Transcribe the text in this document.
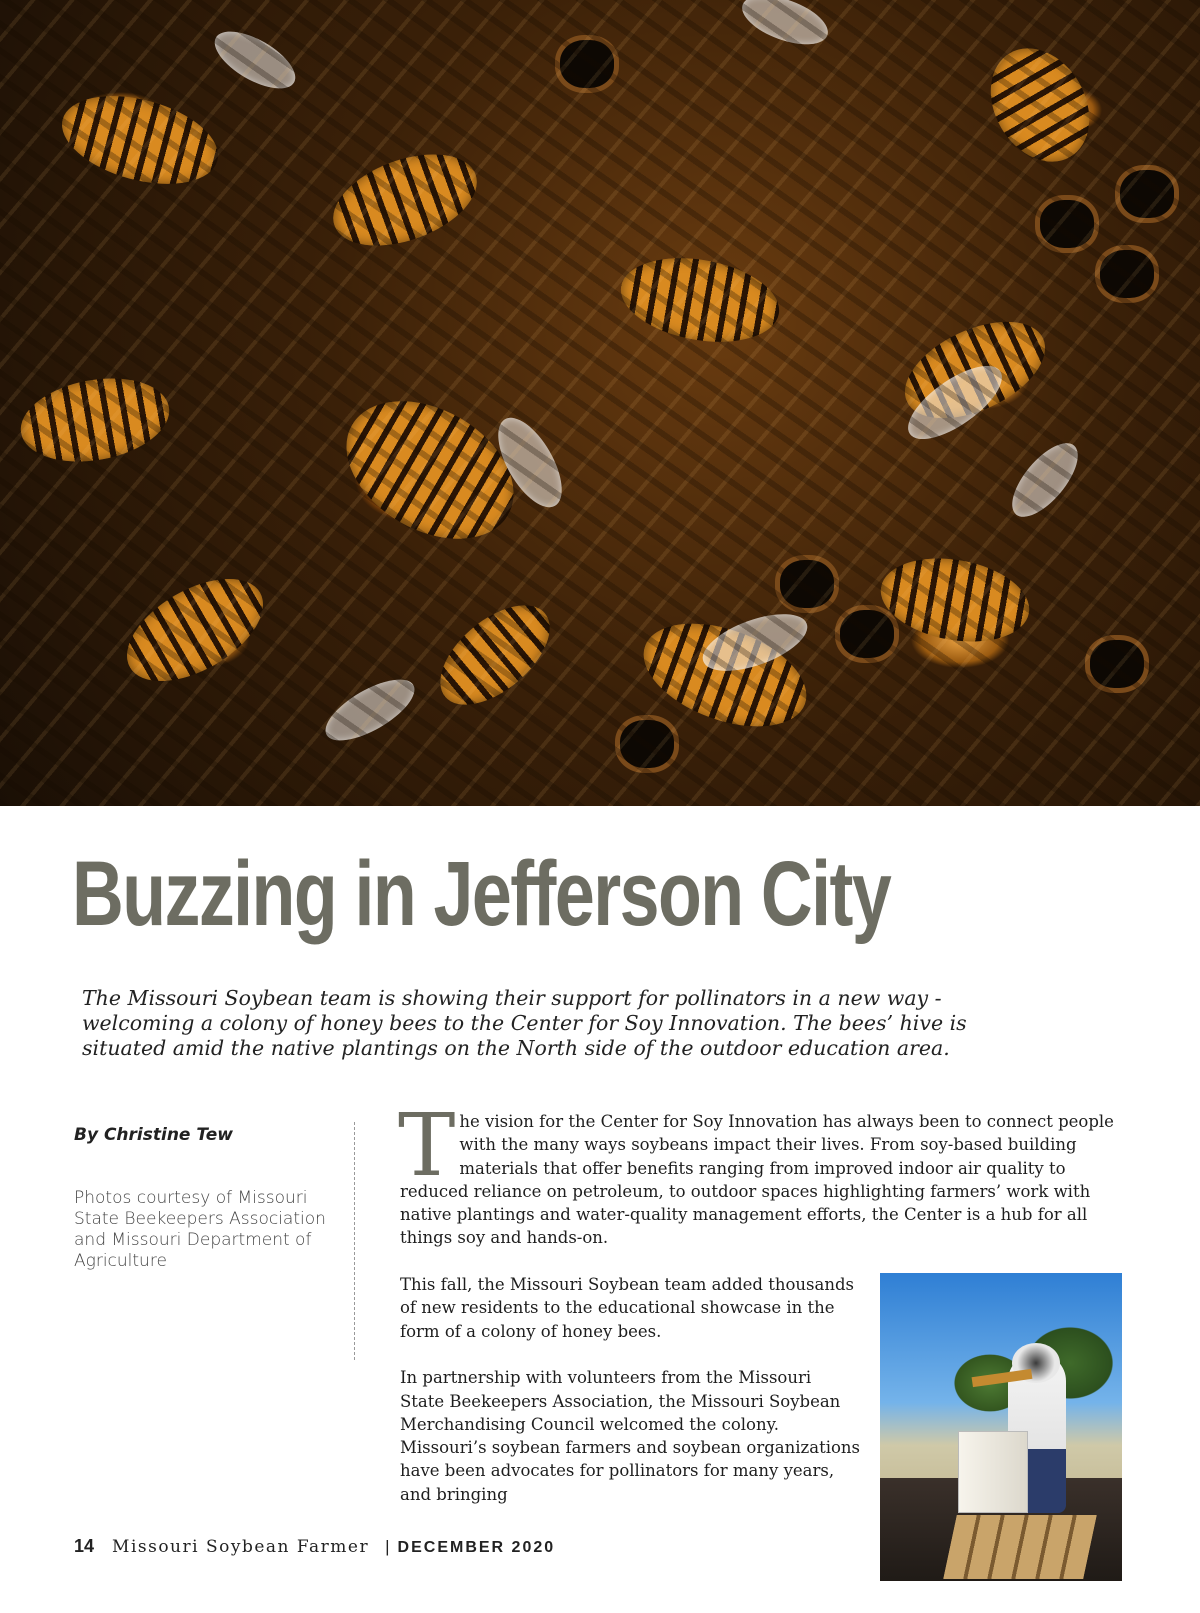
Buzzing in Jefferson City
The Missouri Soybean team is showing their support for pollinators in a new way - welcoming a colony of honey bees to the Center for Soy Innovation. The bees’ hive is situated amid the native plantings on the North side of the outdoor education area.
By Christine Tew
Photos courtesy of Missouri State Beekeepers Association and Missouri Department of Agriculture

The vision for the Center for Soy Innovation has always been to connect people with the many ways soybeans impact their lives. From soy-based building materials that offer benefits ranging from improved indoor air quality to reduced reliance on petroleum, to outdoor spaces highlighting farmers’ work with native plantings and water-quality management efforts, the Center is a hub for all things soy and hands-on.

This fall, the Missouri Soybean team added thousands of new residents to the educational showcase in the form of a colony of honey bees.

In partnership with volunteers from the Missouri State Beekeepers Association, the Missouri Soybean Merchandising Council welcomed the colony. Missouri’s soybean farmers and soybean organizations have been advocates for pollinators for many years, and bringing

14 Missouri Soybean Farmer | DECEMBER 2020
